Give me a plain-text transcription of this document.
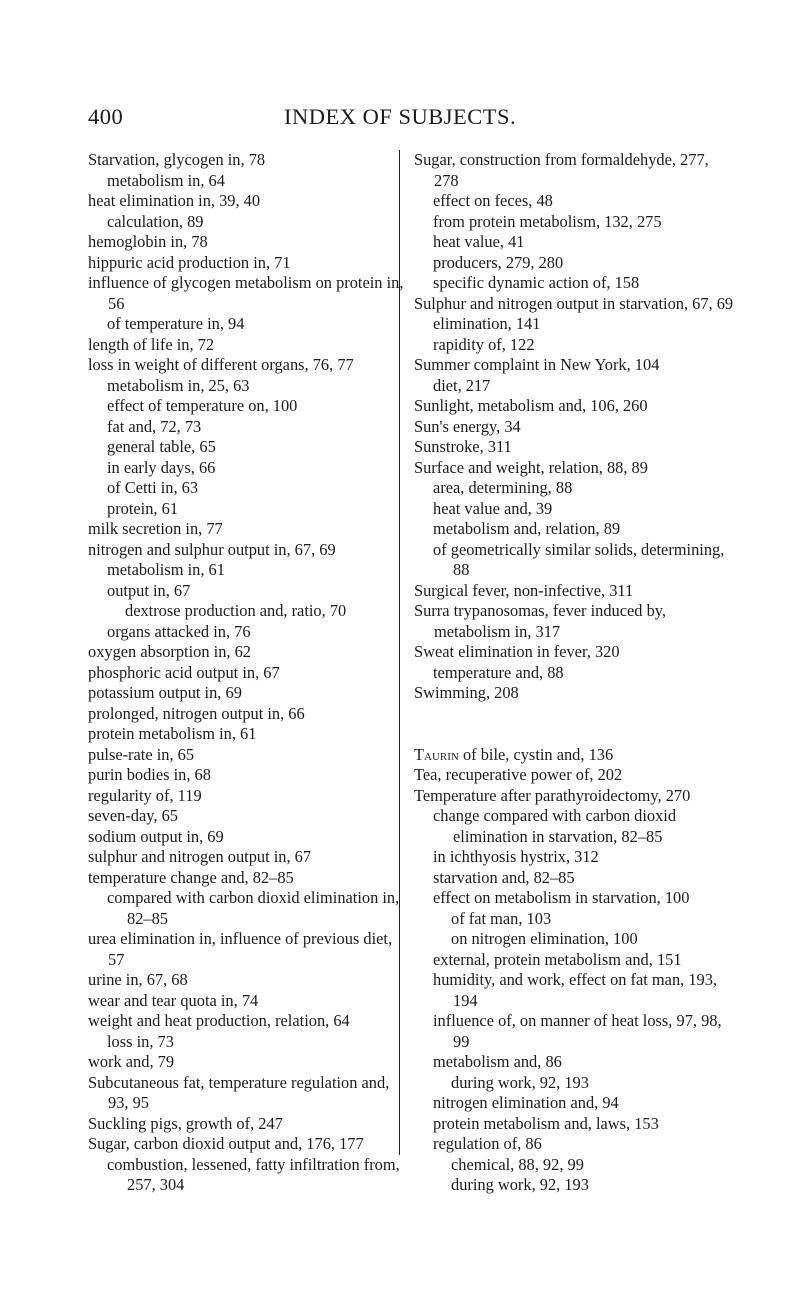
400	INDEX OF SUBJECTS.
Starvation, glycogen in, 78
metabolism in, 64
heat elimination in, 39, 40
calculation, 89
hemoglobin in, 78
hippuric acid production in, 71
influence of glycogen metabolism on protein in, 56
of temperature in, 94
length of life in, 72
loss in weight of different organs, 76, 77
metabolism in, 25, 63
effect of temperature on, 100
fat and, 72, 73
general table, 65
in early days, 66
of Cetti in, 63
protein, 61
milk secretion in, 77
nitrogen and sulphur output in, 67, 69
metabolism in, 61
output in, 67
dextrose production and, ratio, 70
organs attacked in, 76
oxygen absorption in, 62
phosphoric acid output in, 67
potassium output in, 69
prolonged, nitrogen output in, 66
protein metabolism in, 61
pulse-rate in, 65
purin bodies in, 68
regularity of, 119
seven-day, 65
sodium output in, 69
sulphur and nitrogen output in, 67
temperature change and, 82–85
compared with carbon dioxid elimination in, 82–85
urea elimination in, influence of previous diet, 57
urine in, 67, 68
wear and tear quota in, 74
weight and heat production, relation, 64
loss in, 73
work and, 79
Subcutaneous fat, temperature regulation and, 93, 95
Suckling pigs, growth of, 247
Sugar, carbon dioxid output and, 176, 177
combustion, lessened, fatty infiltration from, 257, 304
Sugar, construction from formaldehyde, 277, 278
effect on feces, 48
from protein metabolism, 132, 275
heat value, 41
producers, 279, 280
specific dynamic action of, 158
Sulphur and nitrogen output in starvation, 67, 69
elimination, 141
rapidity of, 122
Summer complaint in New York, 104
diet, 217
Sunlight, metabolism and, 106, 260
Sun's energy, 34
Sunstroke, 311
Surface and weight, relation, 88, 89
area, determining, 88
heat value and, 39
metabolism and, relation, 89
of geometrically similar solids, determining, 88
Surgical fever, non-infective, 311
Surra trypanosomas, fever induced by, metabolism in, 317
Sweat elimination in fever, 320
temperature and, 88
Swimming, 208
Taurin of bile, cystin and, 136
Tea, recuperative power of, 202
Temperature after parathyroidectomy, 270
change compared with carbon dioxid elimination in starvation, 82–85
in ichthyosis hystrix, 312
starvation and, 82–85
effect on metabolism in starvation, 100
of fat man, 103
on nitrogen elimination, 100
external, protein metabolism and, 151
humidity, and work, effect on fat man, 193, 194
influence of, on manner of heat loss, 97, 98, 99
metabolism and, 86
during work, 92, 193
nitrogen elimination and, 94
protein metabolism and, laws, 153
regulation of, 86
chemical, 88, 92, 99
during work, 92, 193
